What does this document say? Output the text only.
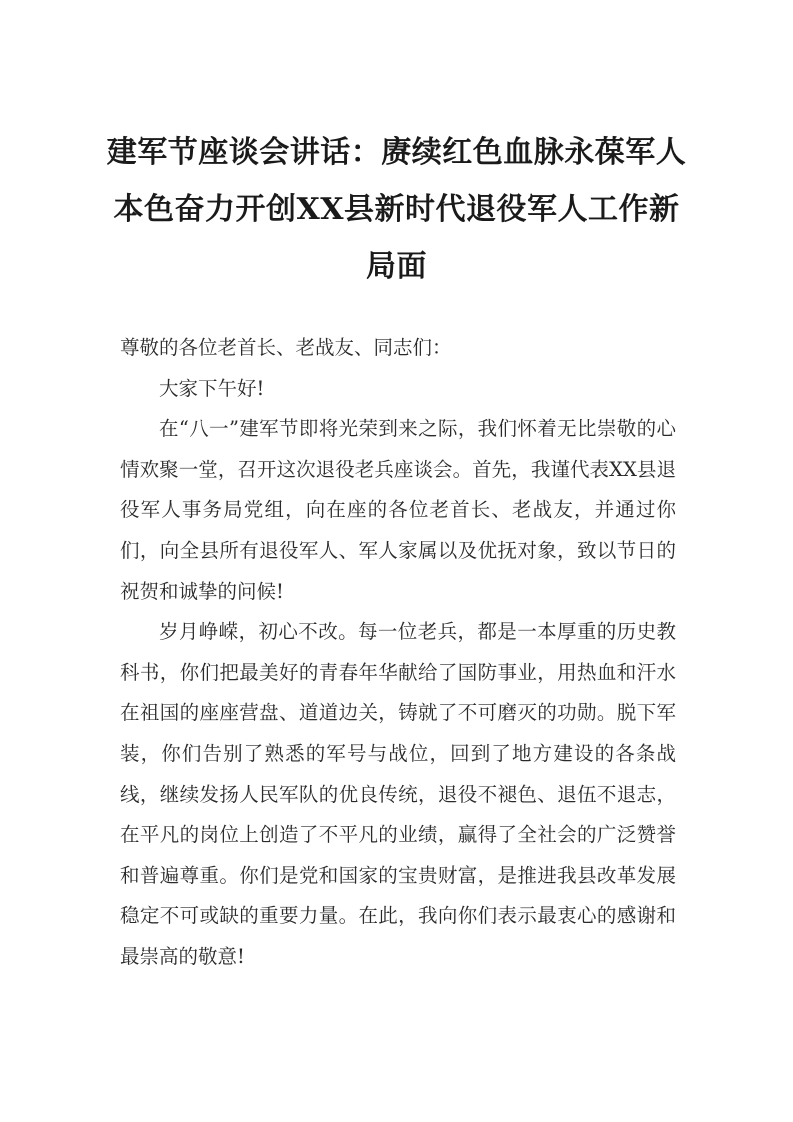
建军节座谈会讲话：赓续红色血脉永葆军人本色奋力开创XX县新时代退役军人工作新局面

尊敬的各位老首长、老战友、同志们：

大家下午好!

在“八一”建军节即将光荣到来之际，我们怀着无比崇敬的心情欢聚一堂，召开这次退役老兵座谈会。首先，我谨代表XX县退役军人事务局党组，向在座的各位老首长、老战友，并通过你们，向全县所有退役军人、军人家属以及优抚对象，致以节日的祝贺和诚挚的问候!

岁月峥嵘，初心不改。每一位老兵，都是一本厚重的历史教科书，你们把最美好的青春年华献给了国防事业，用热血和汗水在祖国的座座营盘、道道边关，铸就了不可磨灭的功勋。脱下军装，你们告别了熟悉的军号与战位，回到了地方建设的各条战线，继续发扬人民军队的优良传统，退役不褪色、退伍不退志，在平凡的岗位上创造了不平凡的业绩，赢得了全社会的广泛赞誉和普遍尊重。你们是党和国家的宝贵财富，是推进我县改革发展稳定不可或缺的重要力量。在此，我向你们表示最衷心的感谢和最崇高的敬意!
